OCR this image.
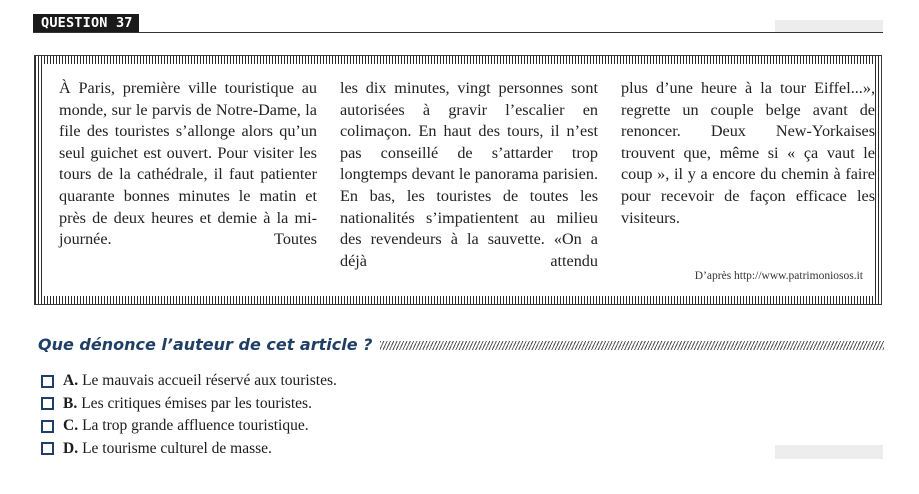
QUESTION 37

À Paris, première ville touristique au monde, sur le parvis de Notre-Dame, la file des touristes s’allonge alors qu’un seul guichet est ouvert. Pour visiter les tours de la cathédrale, il faut patienter quarante bonnes minutes le matin et près de deux heures et demie à la mi-journée. Toutes

les dix minutes, vingt personnes sont autorisées à gravir l’escalier en colimaçon. En haut des tours, il n’est pas conseillé de s’attarder trop longtemps devant le panorama parisien. En bas, les touristes de toutes les nationalités s’impatientent au milieu des revendeurs à la sauvette. «On a déjà attendu

plus d’une heure à la tour Eiffel...», regrette un couple belge avant de renoncer. Deux New-Yorkaises trouvent que, même si « ça vaut le coup », il y a encore du chemin à faire pour recevoir de façon efficace les visiteurs.

D’après http://www.patrimoniosos.it
Que dénonce l’auteur de cet article ?
A. Le mauvais accueil réservé aux touristes.
B. Les critiques émises par les touristes.
C. La trop grande affluence touristique.
D. Le tourisme culturel de masse.
